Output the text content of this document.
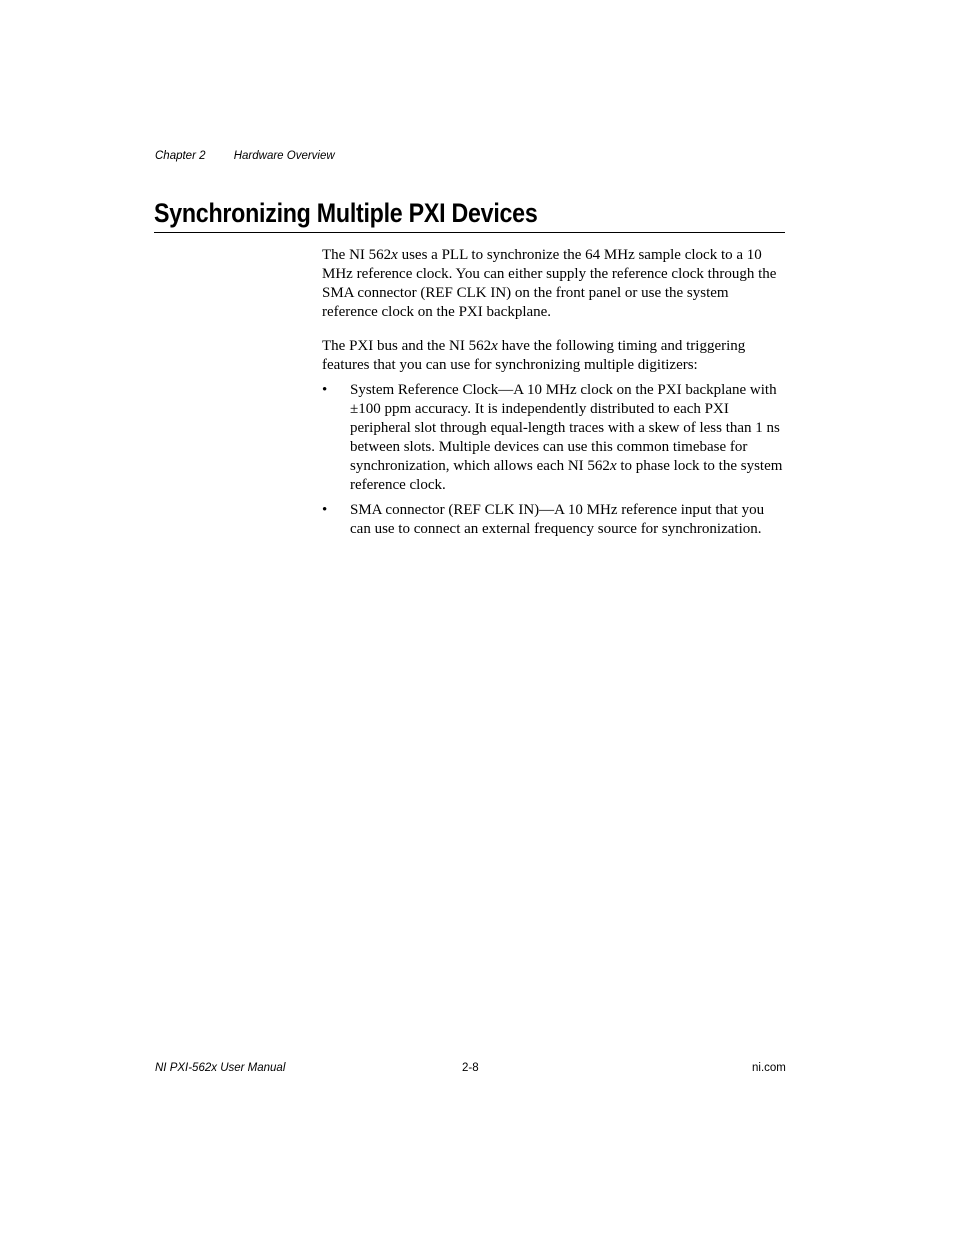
Chapter 2 Hardware Overview
Synchronizing Multiple PXI Devices

The NI 562x uses a PLL to synchronize the 64 MHz sample clock to a 10 MHz reference clock. You can either supply the reference clock through the SMA connector (REF CLK IN) on the front panel or use the system reference clock on the PXI backplane.

The PXI bus and the NI 562x have the following timing and triggering features that you can use for synchronizing multiple digitizers:

• System Reference Clock—A 10 MHz clock on the PXI backplane with ±100 ppm accuracy. It is independently distributed to each PXI peripheral slot through equal-length traces with a skew of less than 1 ns between slots. Multiple devices can use this common timebase for synchronization, which allows each NI 562x to phase lock to the system reference clock.
• SMA connector (REF CLK IN)—A 10 MHz reference input that you can use to connect an external frequency source for synchronization.
NI PXI-562x User Manual	2-8	ni.com
